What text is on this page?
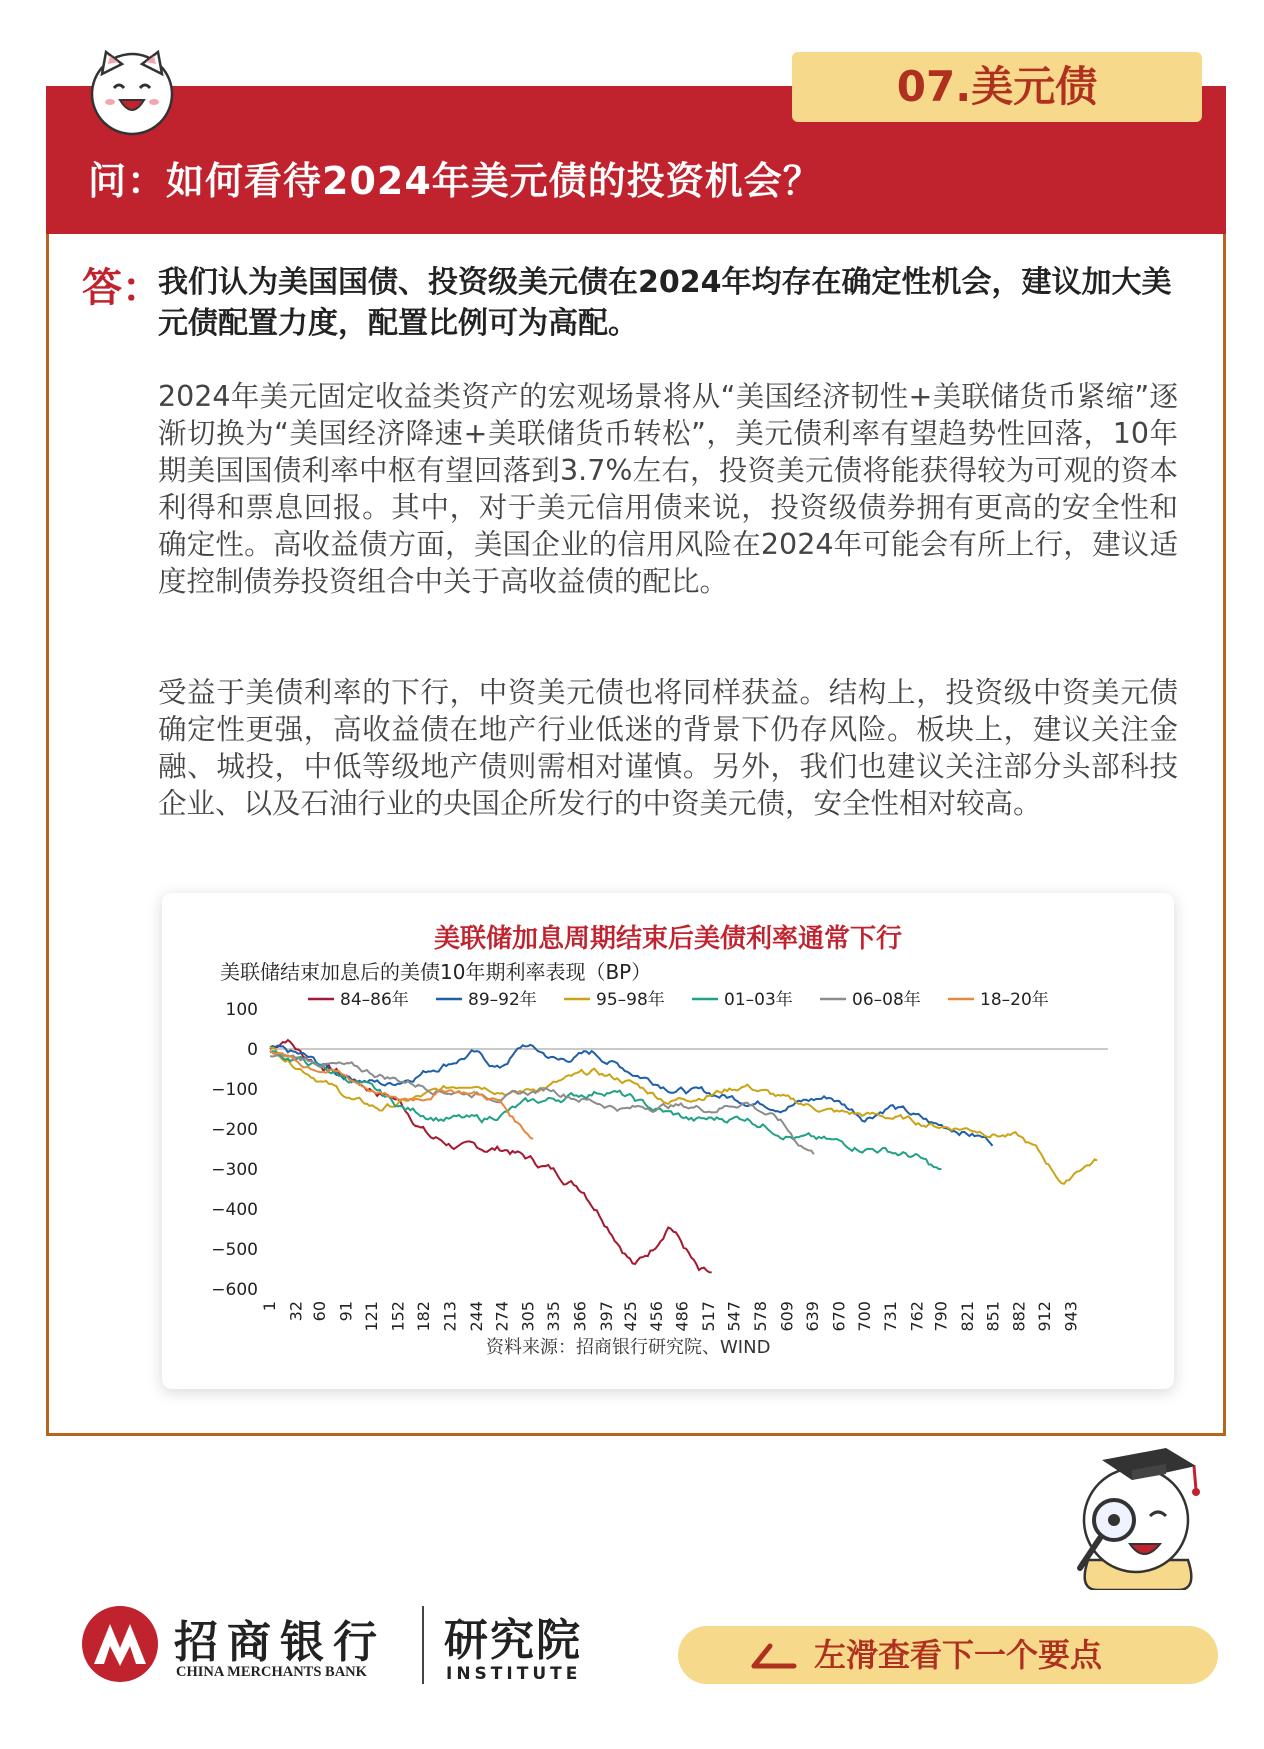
07.美元债
问：如何看待2024年美元债的投资机会？
答：
我们认为美国国债、投资级美元债在2024年均存在确定性机会，建议加大美元债配置力度，配置比例可为高配。
2024年美元固定收益类资产的宏观场景将从“美国经济韧性+美联储货币紧缩”逐渐切换为“美国经济降速+美联储货币转松”，美元债利率有望趋势性回落，10年期美国国债利率中枢有望回落到3.7%左右，投资美元债将能获得较为可观的资本利得和票息回报。其中，对于美元信用债来说，投资级债券拥有更高的安全性和确定性。高收益债方面，美国企业的信用风险在2024年可能会有所上行，建议适度控制债券投资组合中关于高收益债的配比。
受益于美债利率的下行，中资美元债也将同样获益。结构上，投资级中资美元债确定性更强，高收益债在地产行业低迷的背景下仍存风险。板块上，建议关注金融、城投，中低等级地产债则需相对谨慎。另外，我们也建议关注部分头部科技企业、以及石油行业的央国企所发行的中资美元债，安全性相对较高。
美联储加息周期结束后美债利率通常下行
美联储结束加息后的美债10年期利率表现（BP）
84–86年	89–92年	95–98年	01–03年	06–08年	18–20年
100
0
−100
−200
−300
−400
−500
−600
1 32 60 91 121 152 182 213 244 274 305 335 366 397 425 456 486 517 547 578 609 639 670 700 731 762 790 821 851 882 912 943
资料来源：招商银行研究院、WIND
招商银行
CHINA MERCHANTS BANK
研究院
INSTITUTE	左滑查看下一个要点
